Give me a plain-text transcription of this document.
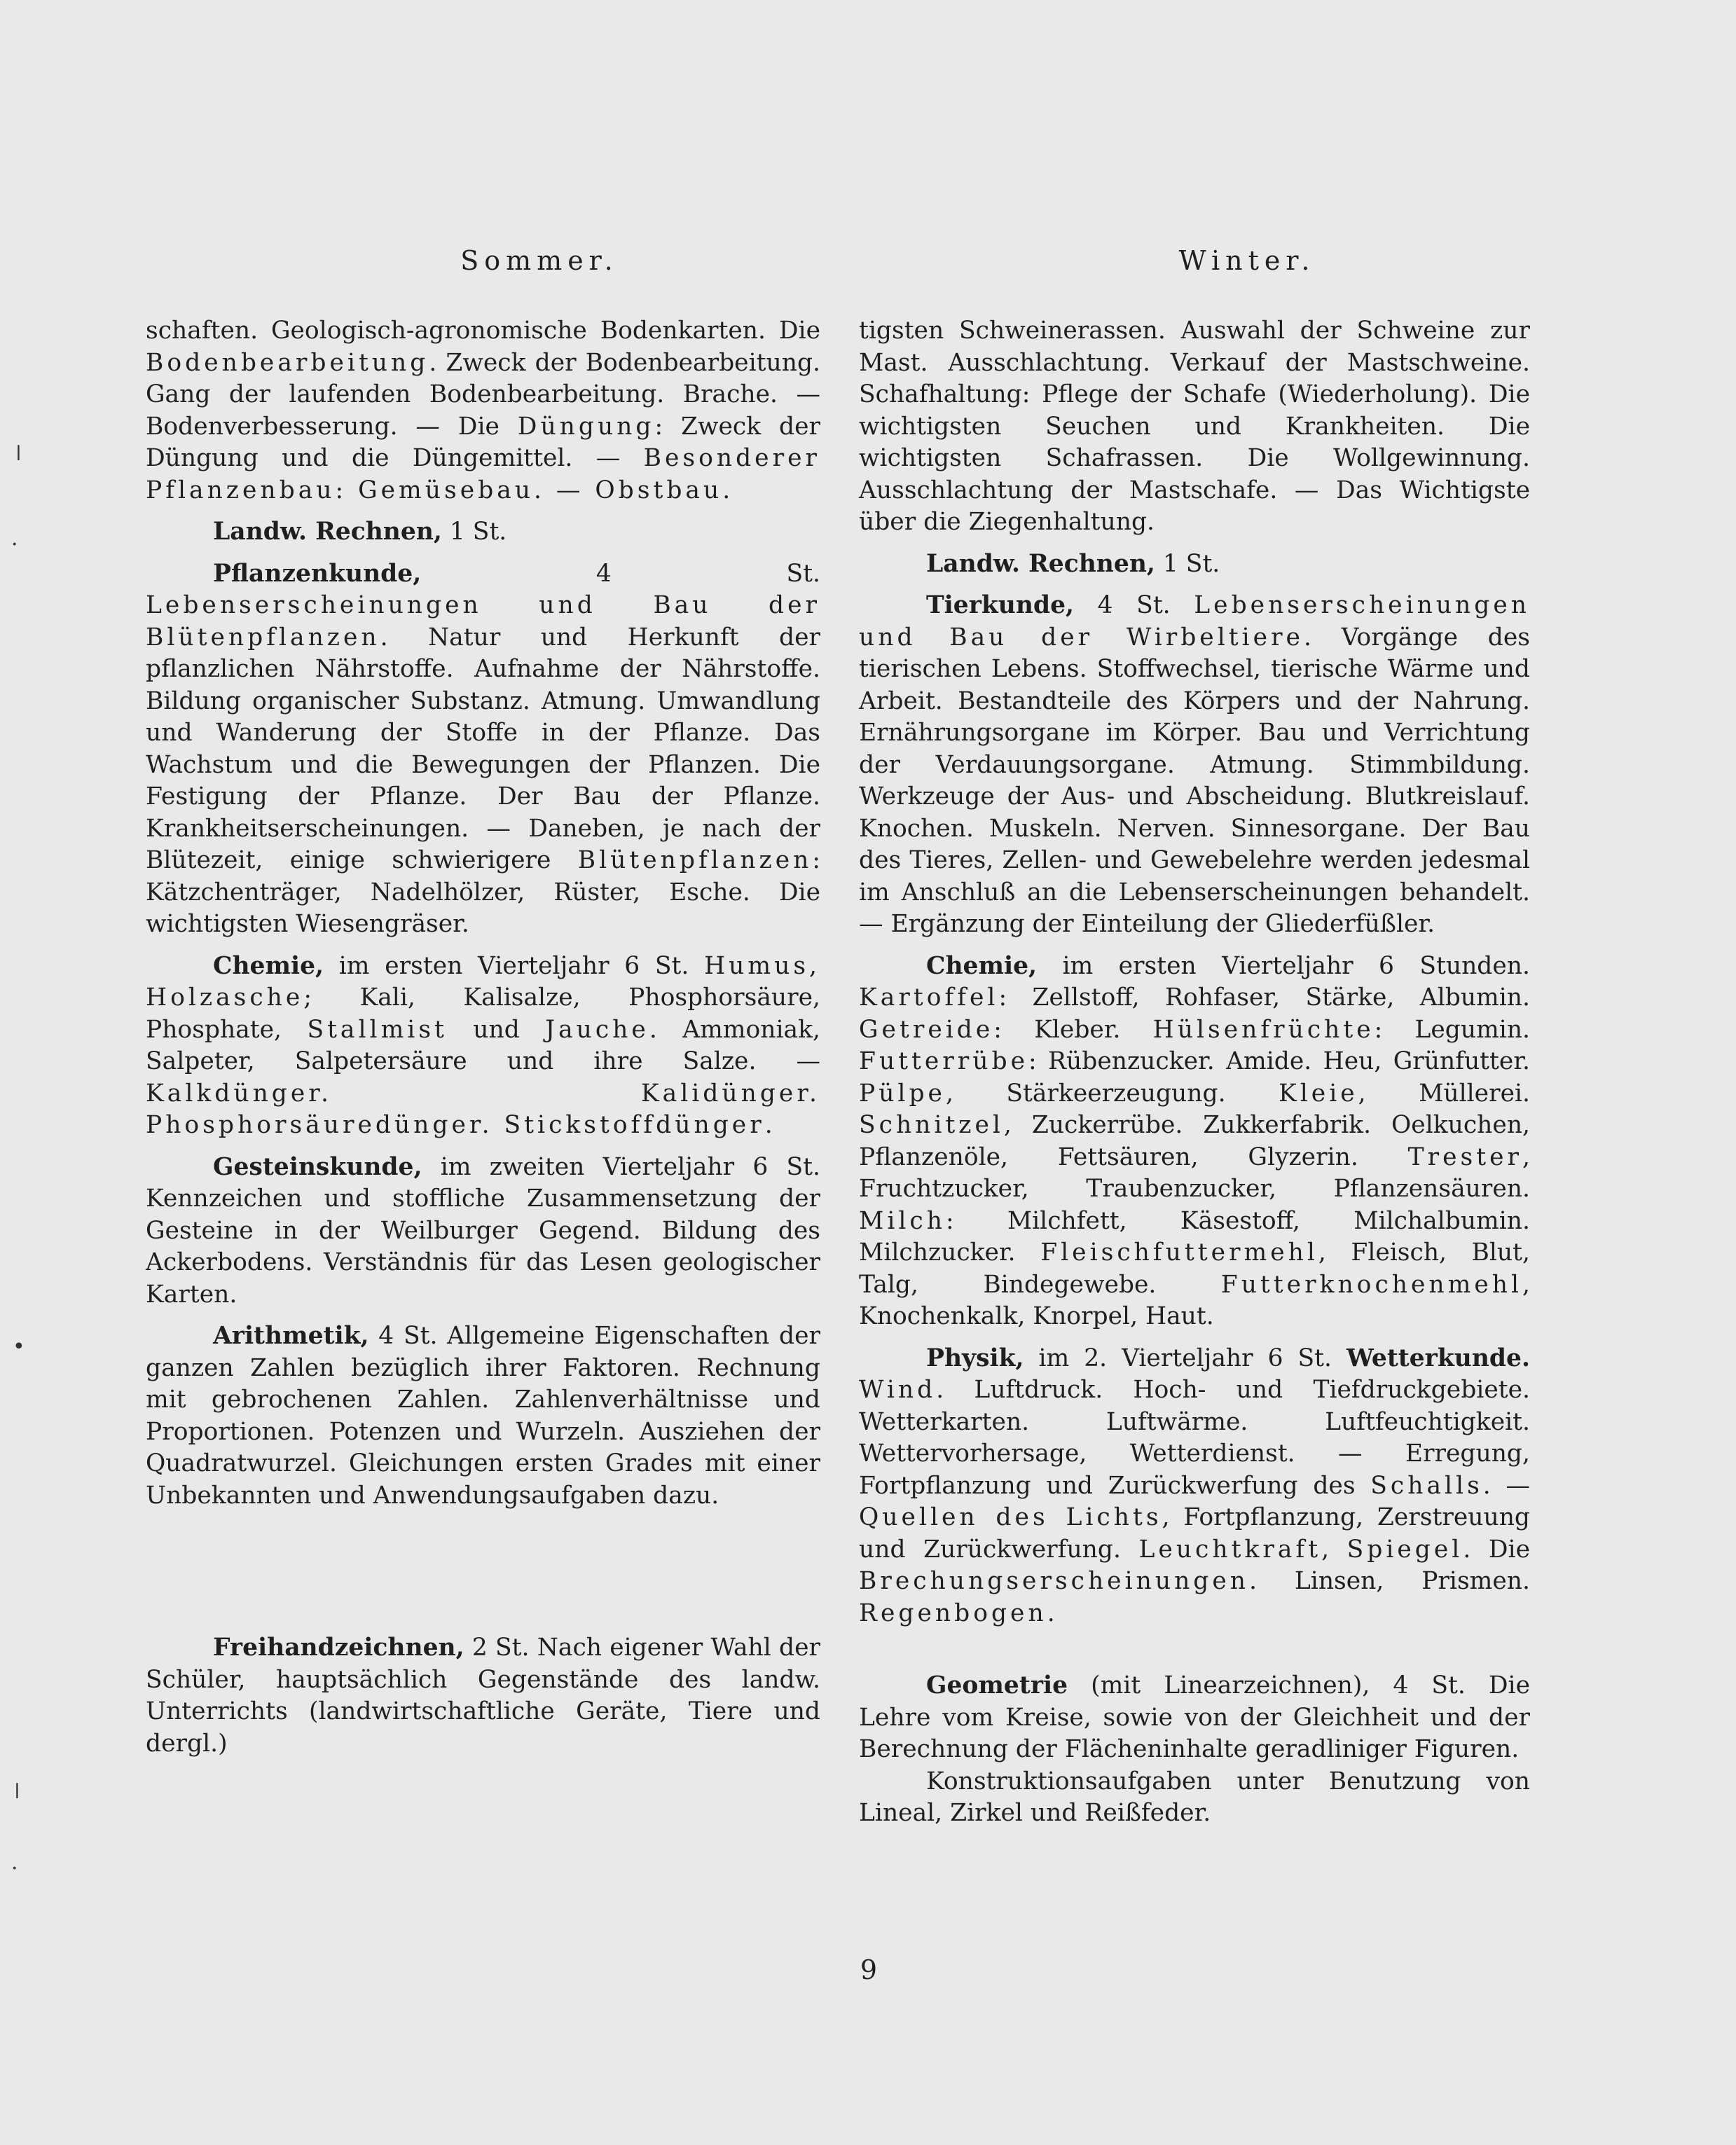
Sommer.	Winter.

schaften. Geologisch-agronomische Bodenkarten. Die Bodenbearbeitung. Zweck der Bodenbearbeitung. Gang der laufenden Bodenbearbeitung. Brache. — Bodenverbesserung. — Die Düngung: Zweck der Düngung und die Düngemittel. — Besonderer Pflanzenbau: Gemüsebau. — Obstbau.

Landw. Rechnen, 1 St.

Pflanzenkunde, 4 St. Lebenserscheinungen und Bau der Blütenpflanzen. Natur und Herkunft der pflanzlichen Nährstoffe. Aufnahme der Nährstoffe. Bildung organischer Substanz. Atmung. Umwandlung und Wanderung der Stoffe in der Pflanze. Das Wachstum und die Bewegungen der Pflanzen. Die Festigung der Pflanze. Der Bau der Pflanze. Krankheitserscheinungen. — Daneben, je nach der Blütezeit, einige schwierigere Blütenpflanzen: Kätzchenträger, Nadelhölzer, Rüster, Esche. Die wichtigsten Wiesengräser.

Chemie, im ersten Vierteljahr 6 St. Humus, Holzasche; Kali, Kalisalze, Phosphorsäure, Phosphate, Stallmist und Jauche. Ammoniak, Salpeter, Salpetersäure und ihre Salze. — Kalkdünger. Kalidünger. Phosphorsäuredünger. Stickstoffdünger.

Gesteinskunde, im zweiten Vierteljahr 6 St. Kennzeichen und stoffliche Zusammensetzung der Gesteine in der Weilburger Gegend. Bildung des Ackerbodens. Verständnis für das Lesen geologischer Karten.

Arithmetik, 4 St. Allgemeine Eigenschaften der ganzen Zahlen bezüglich ihrer Faktoren. Rechnung mit gebrochenen Zahlen. Zahlenverhältnisse und Proportionen. Potenzen und Wurzeln. Ausziehen der Quadratwurzel. Gleichungen ersten Grades mit einer Unbekannten und Anwendungsaufgaben dazu.

Freihandzeichnen, 2 St. Nach eigener Wahl der Schüler, hauptsächlich Gegenstände des landw. Unterrichts (landwirtschaftliche Geräte, Tiere und dergl.)

tigsten Schweinerassen. Auswahl der Schweine zur Mast. Ausschlachtung. Verkauf der Mastschweine. Schafhaltung: Pflege der Schafe (Wiederholung). Die wichtigsten Seuchen und Krankheiten. Die wichtigsten Schafrassen. Die Wollgewinnung. Ausschlachtung der Mastschafe. — Das Wichtigste über die Ziegenhaltung.

Landw. Rechnen, 1 St.

Tierkunde, 4 St. Lebenserscheinungen und Bau der Wirbeltiere. Vorgänge des tierischen Lebens. Stoffwechsel, tierische Wärme und Arbeit. Bestandteile des Körpers und der Nahrung. Ernährungsorgane im Körper. Bau und Verrichtung der Verdauungsorgane. Atmung. Stimmbildung. Werkzeuge der Aus- und Abscheidung. Blutkreislauf. Knochen. Muskeln. Nerven. Sinnesorgane. Der Bau des Tieres, Zellen- und Gewebelehre werden jedesmal im Anschluß an die Lebenserscheinungen behandelt. — Ergänzung der Einteilung der Gliederfüßler.

Chemie, im ersten Vierteljahr 6 Stunden. Kartoffel: Zellstoff, Rohfaser, Stärke, Albumin. Getreide: Kleber. Hülsenfrüchte: Legumin. Futterrübe: Rübenzucker. Amide. Heu, Grünfutter. Pülpe, Stärkeerzeugung. Kleie, Müllerei. Schnitzel, Zuckerrübe. Zukkerfabrik. Oelkuchen, Pflanzenöle, Fettsäuren, Glyzerin. Trester, Fruchtzucker, Traubenzucker, Pflanzensäuren. Milch: Milchfett, Käsestoff, Milchalbumin. Milchzucker. Fleischfuttermehl, Fleisch, Blut, Talg, Bindegewebe. Futterknochenmehl, Knochenkalk, Knorpel, Haut.

Physik, im 2. Vierteljahr 6 St. Wetterkunde. Wind. Luftdruck. Hoch- und Tiefdruckgebiete. Wetterkarten. Luftwärme. Luftfeuchtigkeit. Wettervorhersage, Wetterdienst. — Erregung, Fortpflanzung und Zurückwerfung des Schalls. — Quellen des Lichts, Fortpflanzung, Zerstreuung und Zurückwerfung. Leuchtkraft, Spiegel. Die Brechungserscheinungen. Linsen, Prismen. Regenbogen.

Geometrie (mit Linearzeichnen), 4 St. Die Lehre vom Kreise, sowie von der Gleichheit und der Berechnung der Flächeninhalte geradliniger Figuren.

Konstruktionsaufgaben unter Benutzung von Lineal, Zirkel und Reißfeder.

9
ǀ
·
•
ǀ
·
